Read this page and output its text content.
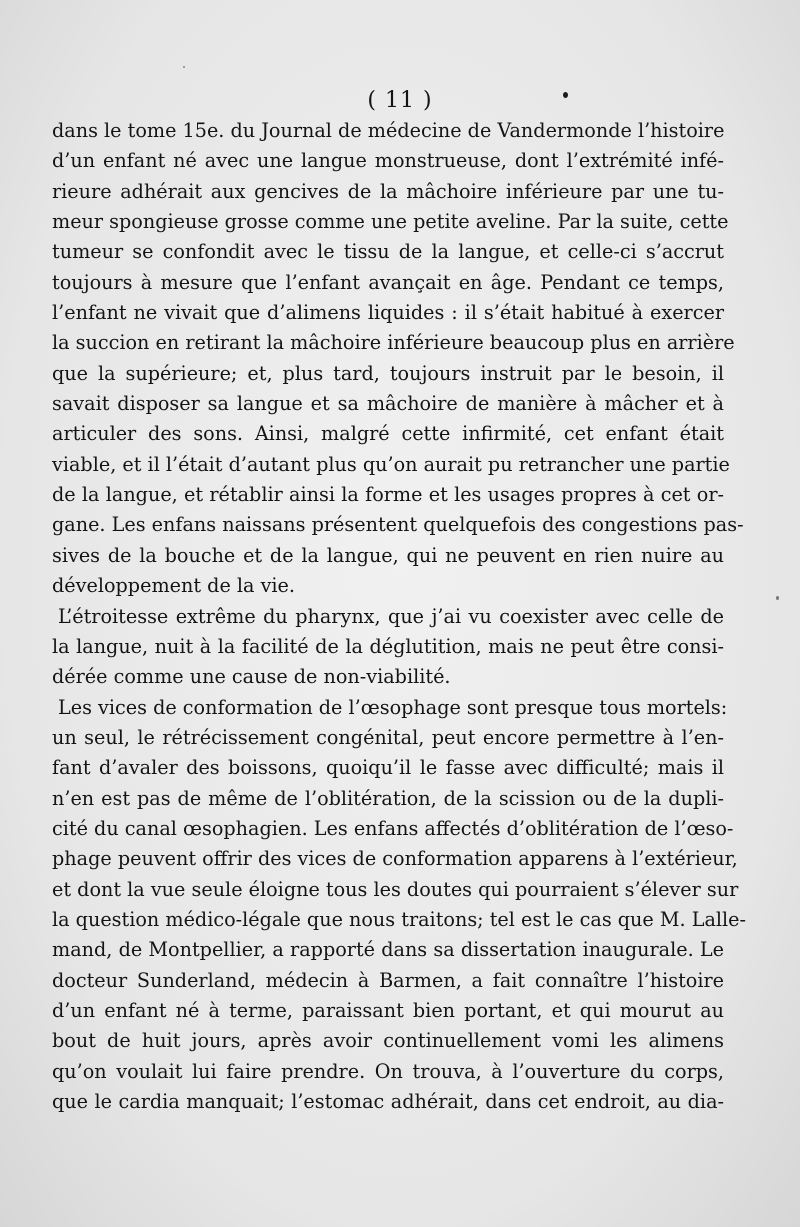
( 11 )
dans le tome 15e. du Journal de médecine de Vandermonde l’histoire
d’un enfant né avec une langue monstrueuse, dont l’extrémité infé-
rieure adhérait aux gencives de la mâchoire inférieure par une tu-
meur spongieuse grosse comme une petite aveline. Par la suite, cette
tumeur se confondit avec le tissu de la langue, et celle-ci s’accrut
toujours à mesure que l’enfant avançait en âge. Pendant ce temps,
l’enfant ne vivait que d’alimens liquides : il s’était habitué à exercer
la succion en retirant la mâchoire inférieure beaucoup plus en arrière
que la supérieure; et, plus tard, toujours instruit par le besoin, il
savait disposer sa langue et sa mâchoire de manière à mâcher et à
articuler des sons. Ainsi, malgré cette infirmité, cet enfant était
viable, et il l’était d’autant plus qu’on aurait pu retrancher une partie
de la langue, et rétablir ainsi la forme et les usages propres à cet or-
gane. Les enfans naissans présentent quelquefois des congestions pas-
sives de la bouche et de la langue, qui ne peuvent en rien nuire au
développement de la vie.
L’étroitesse extrême du pharynx, que j’ai vu coexister avec celle de
la langue, nuit à la facilité de la déglutition, mais ne peut être consi-
dérée comme une cause de non-viabilité.
Les vices de conformation de l’œsophage sont presque tous mortels:
un seul, le rétrécissement congénital, peut encore permettre à l’en-
fant d’avaler des boissons, quoiqu’il le fasse avec difficulté; mais il
n’en est pas de même de l’oblitération, de la scission ou de la dupli-
cité du canal œsophagien. Les enfans affectés d’oblitération de l’œso-
phage peuvent offrir des vices de conformation apparens à l’extérieur,
et dont la vue seule éloigne tous les doutes qui pourraient s’élever sur
la question médico-légale que nous traitons; tel est le cas que M. Lalle-
mand, de Montpellier, a rapporté dans sa dissertation inaugurale. Le
docteur Sunderland, médecin à Barmen, a fait connaître l’histoire
d’un enfant né à terme, paraissant bien portant, et qui mourut au
bout de huit jours, après avoir continuellement vomi les alimens
qu’on voulait lui faire prendre. On trouva, à l’ouverture du corps,
que le cardia manquait; l’estomac adhérait, dans cet endroit, au dia-
